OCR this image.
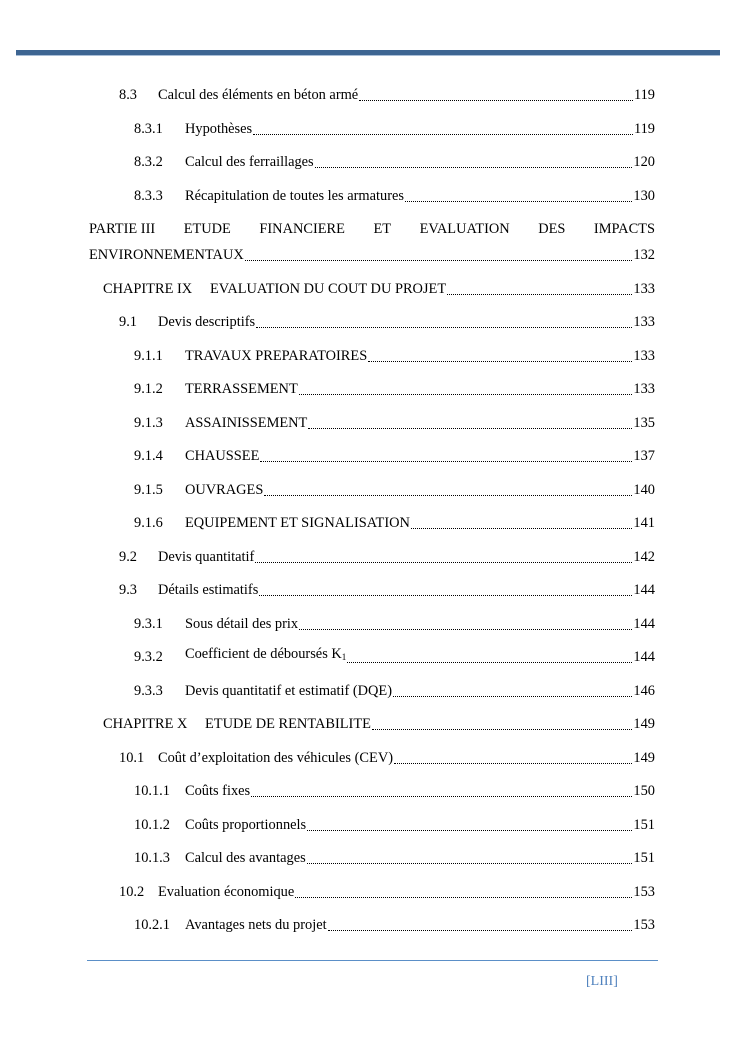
8.3	Calcul des éléments en béton armé	119
8.3.1	Hypothèses	119
8.3.2	Calcul des ferraillages	120
8.3.3	Récapitulation de toutes les armatures	130
PARTIE III ETUDE FINANCIERE ET EVALUATION DES IMPACTS
ENVIRONNEMENTAUX	132
CHAPITRE IX	EVALUATION DU COUT DU PROJET	133
9.1	Devis descriptifs	133
9.1.1	TRAVAUX PREPARATOIRES	133
9.1.2	TERRASSEMENT	133
9.1.3	ASSAINISSEMENT	135
9.1.4	CHAUSSEE	137
9.1.5	OUVRAGES	140
9.1.6	EQUIPEMENT ET SIGNALISATION	141
9.2	Devis quantitatif	142
9.3	Détails estimatifs	144
9.3.1	Sous détail des prix	144
9.3.2	Coefficient de déboursés $K_1$	144
9.3.3	Devis quantitatif et estimatif (DQE)	146
CHAPITRE X	ETUDE DE RENTABILITE	149
10.1 Coût d’exploitation des véhicules (CEV)	149
10.1.1	Coûts fixes	150
10.1.2	Coûts proportionnels	151
10.1.3	Calcul des avantages	151
10.2 Evaluation économique	153
10.2.1	Avantages nets du projet	153
[LIII]
